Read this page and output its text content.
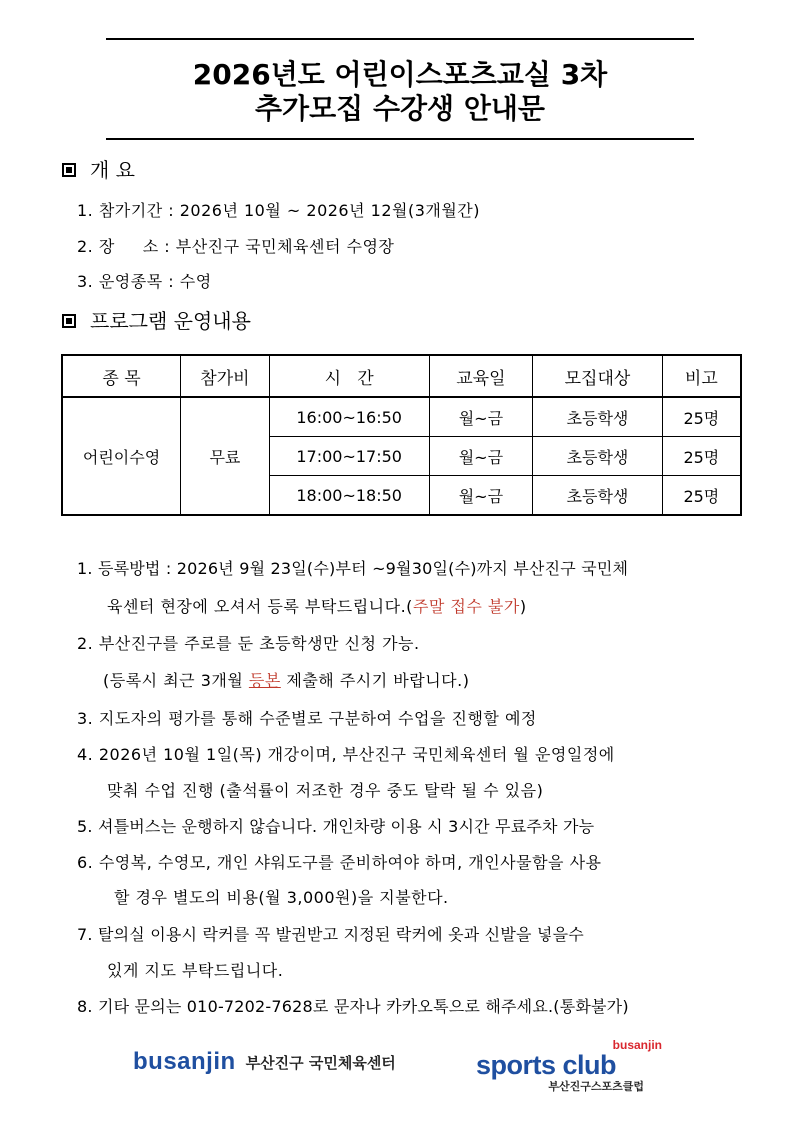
2026년도 어린이스포츠교실 3차
추가모집 수강생 안내문
개 요
1. 참가기간 : 2026년 10월 ~ 2026년 12월(3개월간)
2. 장     소 : 부산진구 국민체육센터 수영장
3. 운영종목 : 수영
프로그램 운영내용
종 목	참가비	시   간	교육일	모집대상	비고
어린이수영	무료	16:00~16:50	월~금	초등학생	25명
		17:00~17:50	월~금	초등학생	25명
		18:00~18:50	월~금	초등학생	25명
1. 등록방법 : 2026년 9월 23일(수)부터 ~9월30일(수)까지 부산진구 국민체
육센터 현장에 오셔서 등록 부탁드립니다.(주말 접수 불가)
2. 부산진구를 주로를 둔 초등학생만 신청 가능.
(등록시 최근 3개월 등본 제출해 주시기 바랍니다.)
3. 지도자의 평가를 통해 수준별로 구분하여 수업을 진행할 예정
4. 2026년 10월 1일(목) 개강이며, 부산진구 국민체육센터 월 운영일정에
맞춰 수업 진행 (출석률이 저조한 경우 중도 탈락 될 수 있음)
5. 셔틀버스는 운행하지 않습니다. 개인차량 이용 시 3시간 무료주차 가능
6. 수영복, 수영모, 개인 샤워도구를 준비하여야 하며, 개인사물함을 사용
할 경우 별도의 비용(월 3,000원)을 지불한다.
7. 탈의실 이용시 락커를 꼭 발권받고 지정된 락커에 옷과 신발을 넣을수
있게 지도 부탁드립니다.
8. 기타 문의는 010-7202-7628로 문자나 카카오톡으로 해주세요.(통화불가)
busanjin 부산진구 국민체육센터
busanjin
sports club
부산진구스포츠클럽
